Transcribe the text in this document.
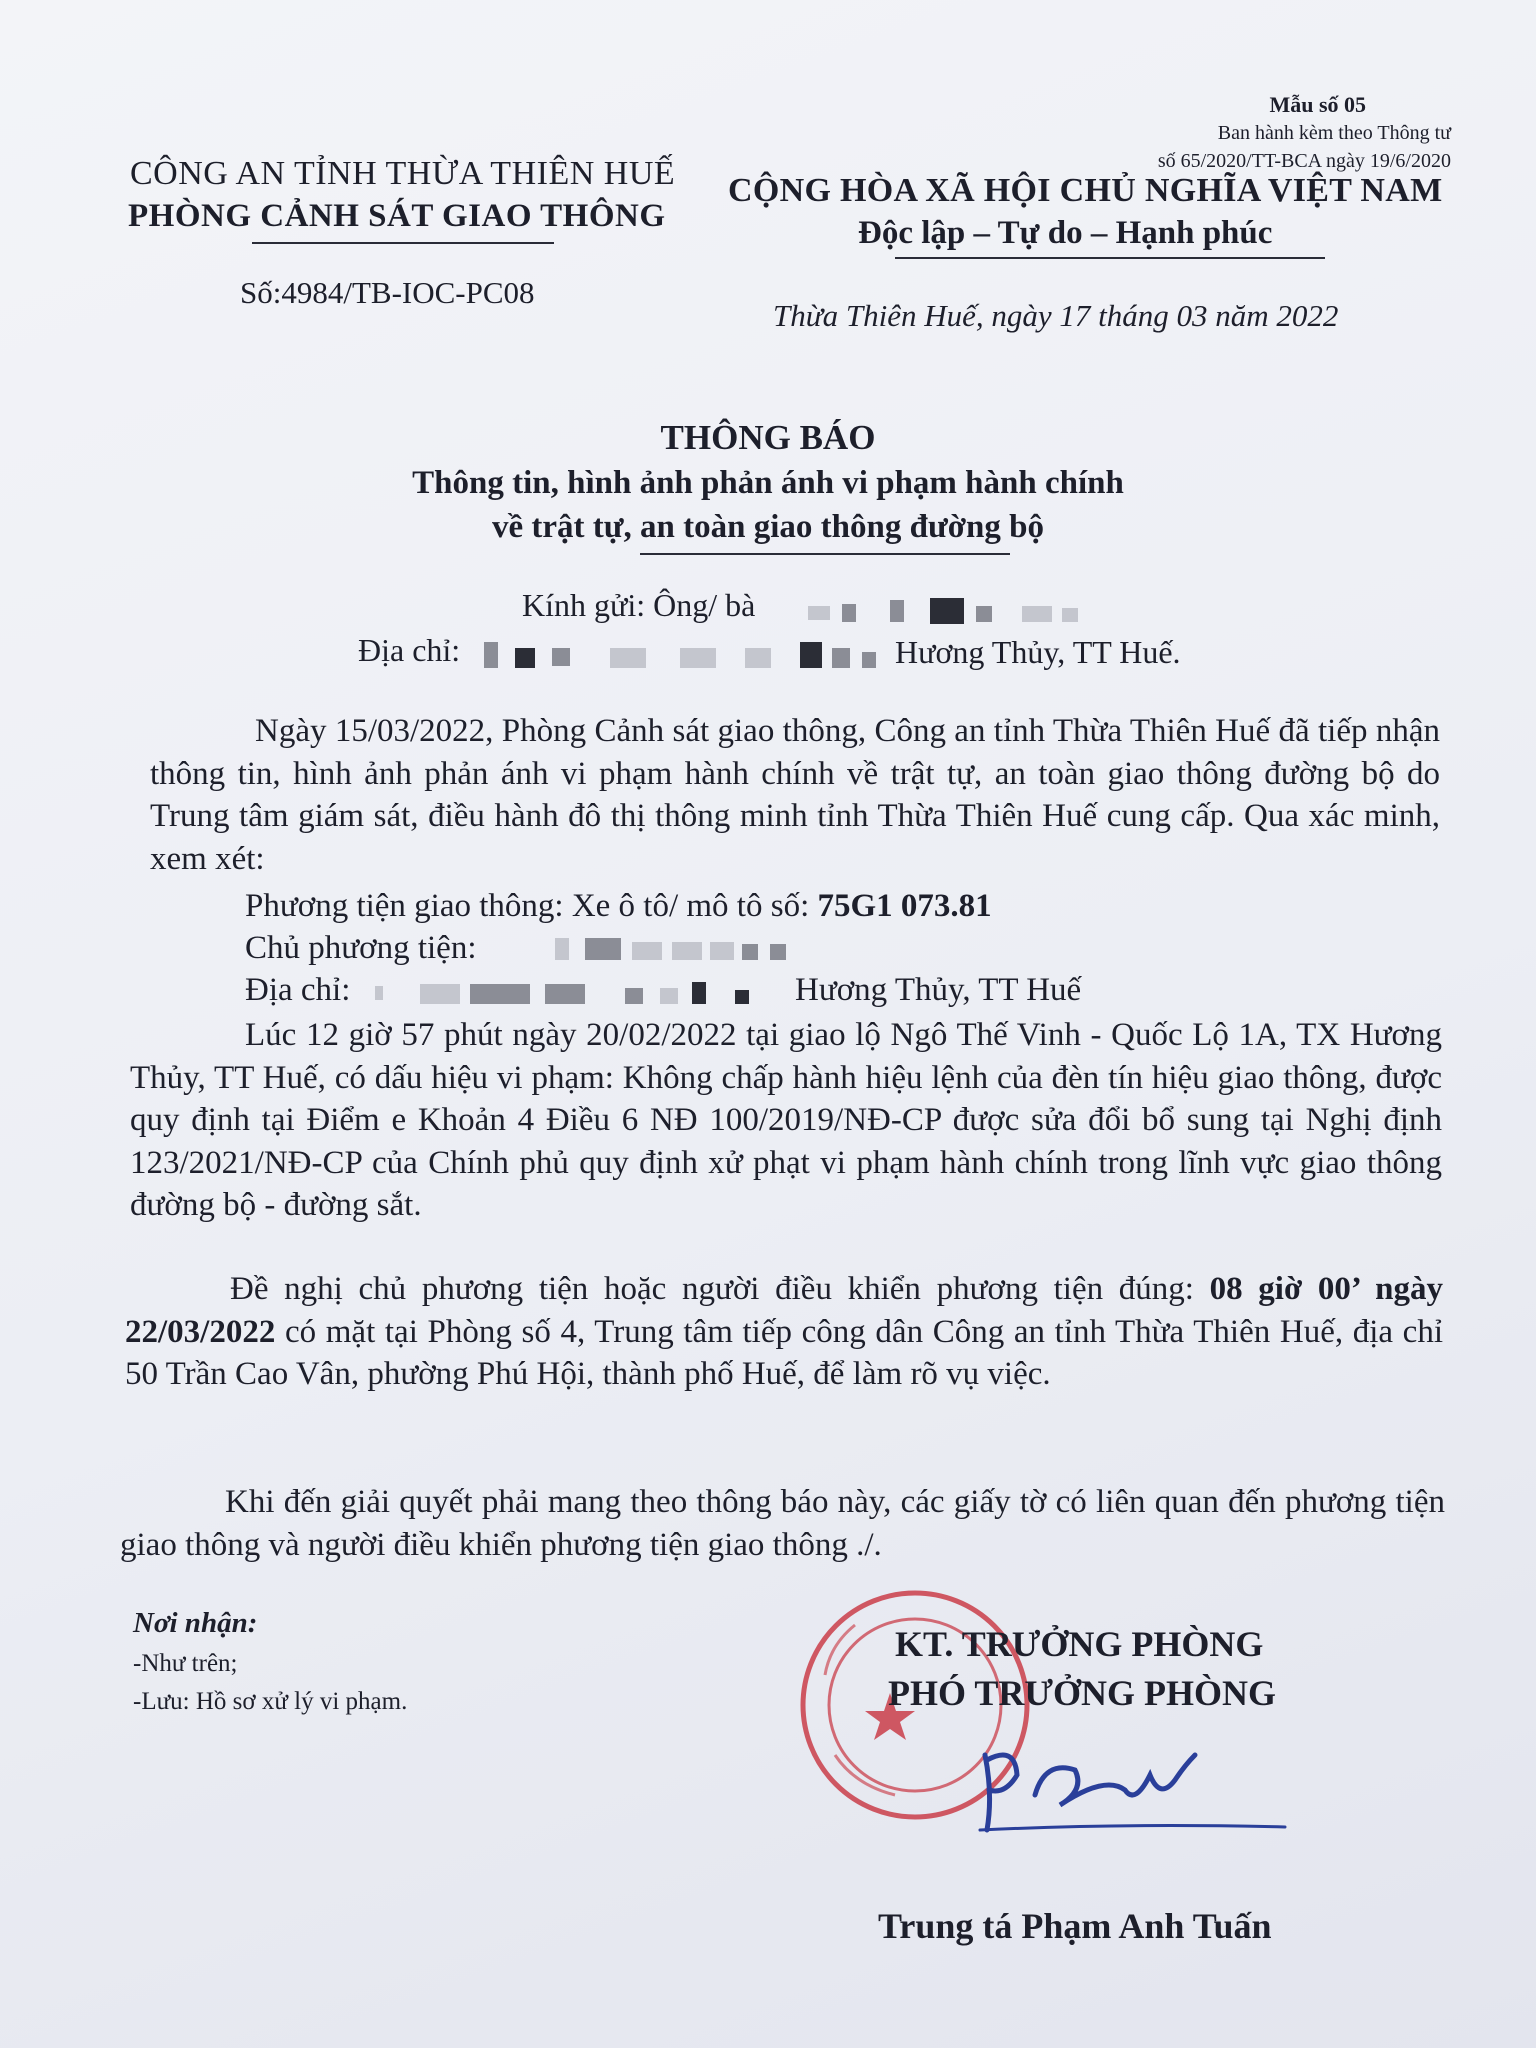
Mẫu số 05
Ban hành kèm theo Thông tư
số 65/2020/TT-BCA ngày 19/6/2020
CÔNG AN TỈNH THỪA THIÊN HUẾ
PHÒNG CẢNH SÁT GIAO THÔNG
Số:4984/TB-IOC-PC08
CỘNG HÒA XÃ HỘI CHỦ NGHĨA VIỆT NAM
Độc lập – Tự do – Hạnh phúc
Thừa Thiên Huế, ngày 17 tháng 03 năm 2022
THÔNG BÁO
Thông tin, hình ảnh phản ánh vi phạm hành chính
về trật tự, an toàn giao thông đường bộ
Kính gửi: Ông/ bà
Địa chỉ:	Hương Thủy, TT Huế.
Ngày 15/03/2022, Phòng Cảnh sát giao thông, Công an tỉnh Thừa Thiên Huế đã tiếp nhận thông tin, hình ảnh phản ánh vi phạm hành chính về trật tự, an toàn giao thông đường bộ do Trung tâm giám sát, điều hành đô thị thông minh tỉnh Thừa Thiên Huế cung cấp. Qua xác minh, xem xét:
Phương tiện giao thông: Xe ô tô/ mô tô số: 75G1 073.81
Chủ phương tiện:
Địa chỉ:	Hương Thủy, TT Huế
Lúc 12 giờ 57 phút ngày 20/02/2022 tại giao lộ Ngô Thế Vinh - Quốc Lộ 1A, TX Hương Thủy, TT Huế, có dấu hiệu vi phạm: Không chấp hành hiệu lệnh của đèn tín hiệu giao thông, được quy định tại Điểm e Khoản 4 Điều 6 NĐ 100/2019/NĐ-CP được sửa đổi bổ sung tại Nghị định 123/2021/NĐ-CP của Chính phủ quy định xử phạt vi phạm hành chính trong lĩnh vực giao thông đường bộ - đường sắt.
Đề nghị chủ phương tiện hoặc người điều khiển phương tiện đúng: 08 giờ 00’ ngày 22/03/2022 có mặt tại Phòng số 4, Trung tâm tiếp công dân Công an tỉnh Thừa Thiên Huế, địa chỉ 50 Trần Cao Vân, phường Phú Hội, thành phố Huế, để làm rõ vụ việc.
Khi đến giải quyết phải mang theo thông báo này, các giấy tờ có liên quan đến phương tiện giao thông và người điều khiển phương tiện giao thông ./.
Nơi nhận:
-Như trên;
-Lưu: Hồ sơ xử lý vi phạm.
KT. TRƯỞNG PHÒNG
PHÓ TRƯỞNG PHÒNG
Trung tá Phạm Anh Tuấn
